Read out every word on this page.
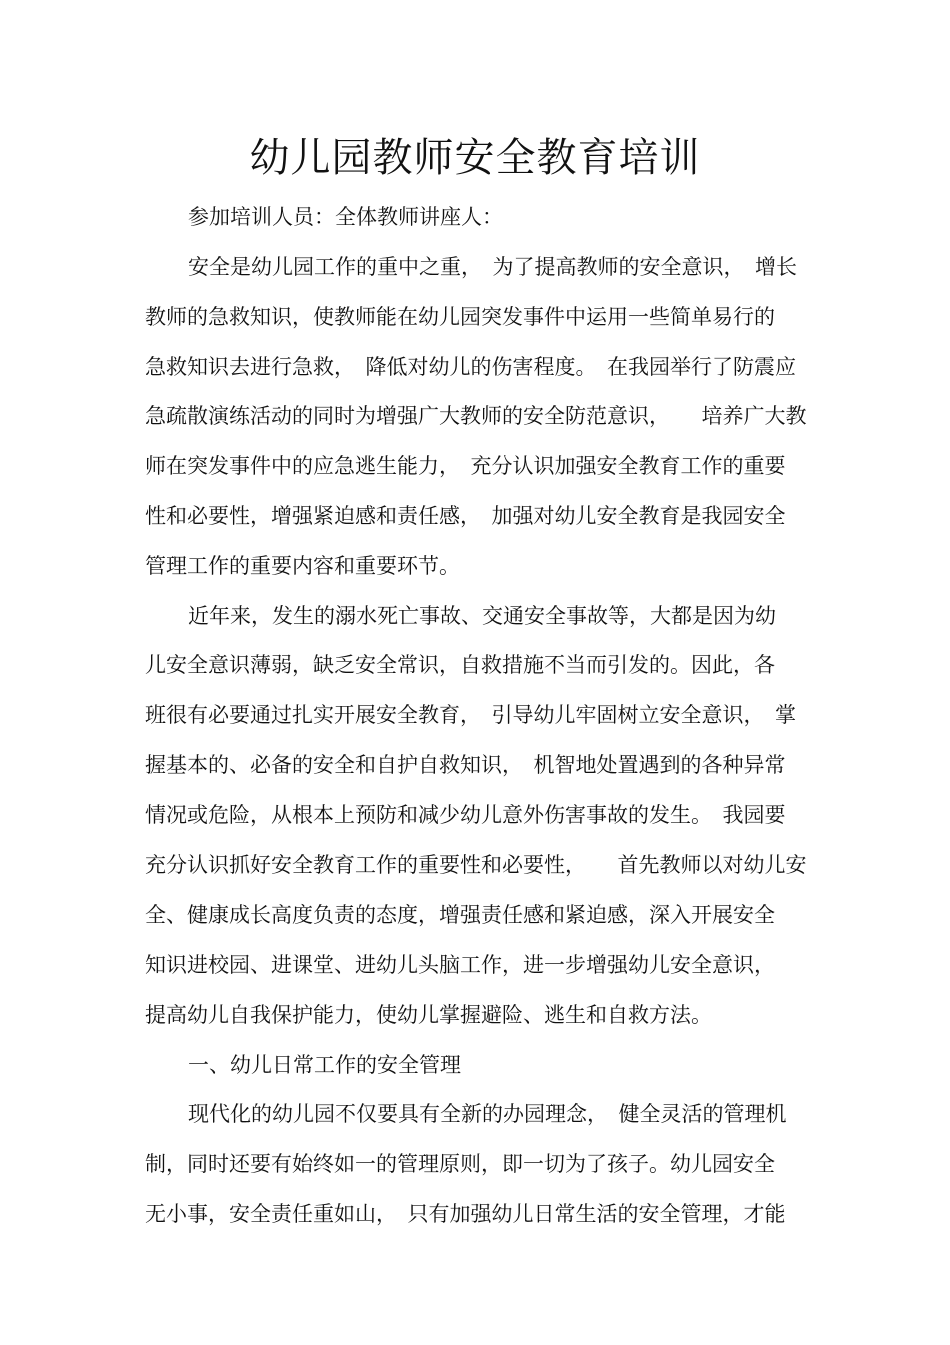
幼儿园教师安全教育培训
参加培训人员：全体教师讲座人：
安全是幼儿园工作的重中之重，　为了提高教师的安全意识，　增长
教师的急救知识，使教师能在幼儿园突发事件中运用一些简单易行的
急救知识去进行急救，　降低对幼儿的伤害程度。　在我园举行了防震应
急疏散演练活动的同时为增强广大教师的安全防范意识，　　培养广大教
师在突发事件中的应急逃生能力，　充分认识加强安全教育工作的重要
性和必要性，增强紧迫感和责任感，　加强对幼儿安全教育是我园安全
管理工作的重要内容和重要环节。
近年来，发生的溺水死亡事故、交通安全事故等，大都是因为幼
儿安全意识薄弱，缺乏安全常识，自救措施不当而引发的。因此，各
班很有必要通过扎实开展安全教育，　引导幼儿牢固树立安全意识，　掌
握基本的、必备的安全和自护自救知识，　机智地处置遇到的各种异常
情况或危险，从根本上预防和减少幼儿意外伤害事故的发生。　我园要
充分认识抓好安全教育工作的重要性和必要性，　　首先教师以对幼儿安
全、健康成长高度负责的态度，增强责任感和紧迫感，深入开展安全
知识进校园、进课堂、进幼儿头脑工作，进一步增强幼儿安全意识，
提高幼儿自我保护能力，使幼儿掌握避险、逃生和自救方法。
一、幼儿日常工作的安全管理
现代化的幼儿园不仅要具有全新的办园理念，　健全灵活的管理机
制，同时还要有始终如一的管理原则，即一切为了孩子。幼儿园安全
无小事，安全责任重如山，　只有加强幼儿日常生活的安全管理，才能
